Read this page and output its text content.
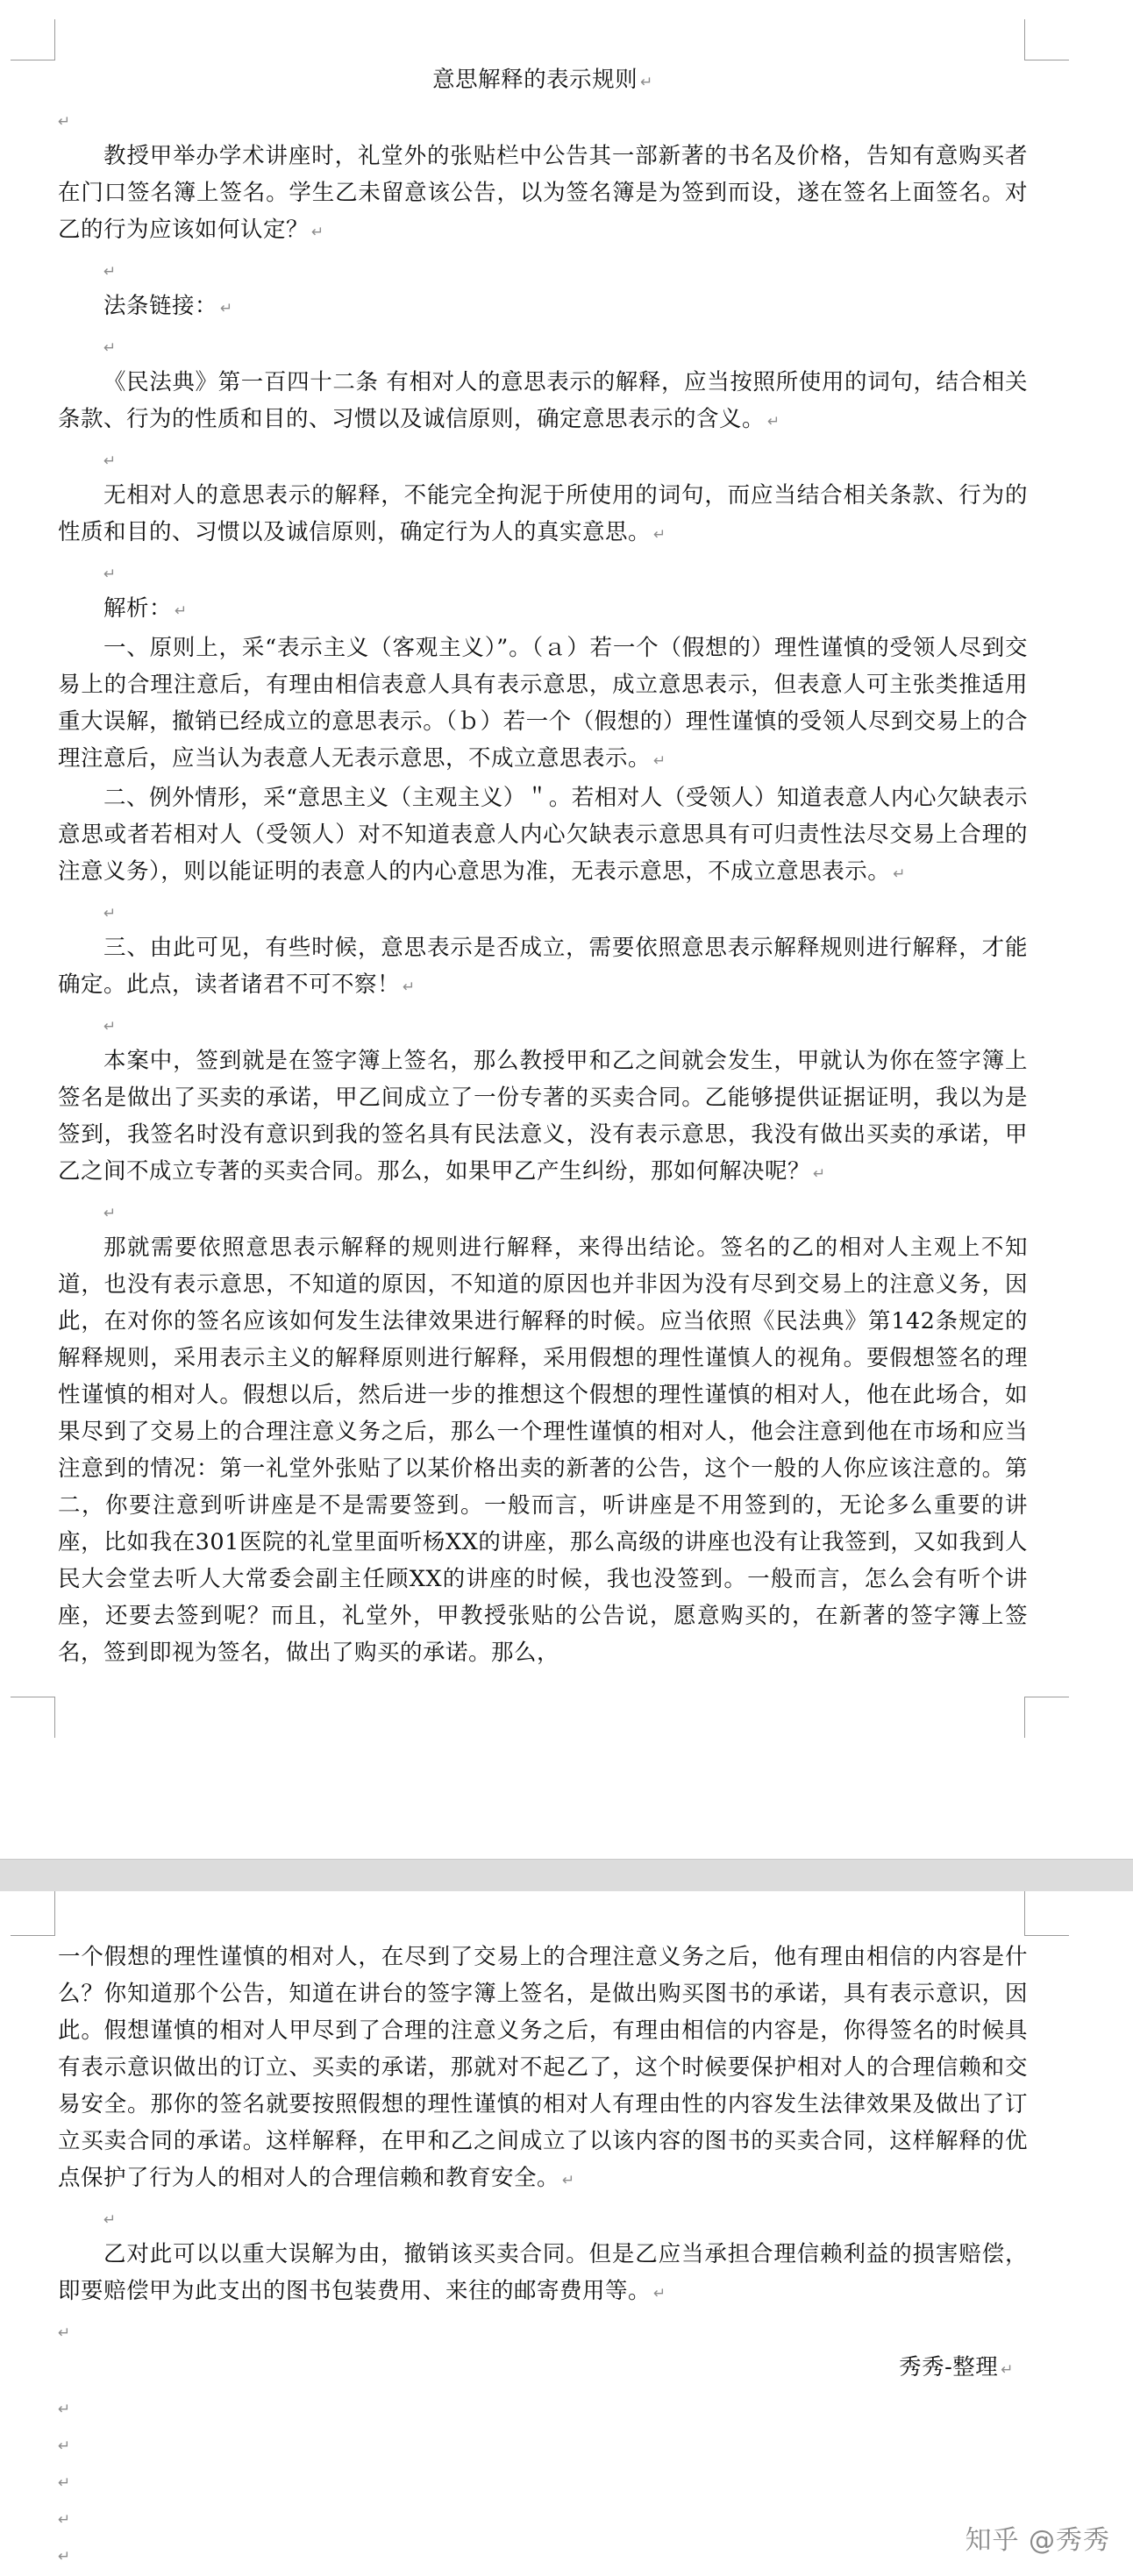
意思解释的表示规则 ↵

↵

教授甲举办学术讲座时，礼堂外的张贴栏中公告其一部新著的书名及价格，告知有意购买者在门口签名簿上签名。学生乙未留意该公告，以为签名簿是为签到而设，遂在签名上面签名。对乙的行为应该如何认定？ ↵

↵

法条链接： ↵

↵

《民法典》第一百四十二条 有相对人的意思表示的解释，应当按照所使用的词句，结合相关条款、行为的性质和目的、习惯以及诚信原则，确定意思表示的含义。 ↵

↵

无相对人的意思表示的解释，不能完全拘泥于所使用的词句，而应当结合相关条款、行为的性质和目的、习惯以及诚信原则，确定行为人的真实意思。 ↵

↵

解析： ↵

一、原则上，采“表示主义（客观主义）”。（ａ）若一个（假想的）理性谨慎的受领人尽到交易上的合理注意后，有理由相信表意人具有表示意思，成立意思表示，但表意人可主张类推适用重大误解，撤销已经成立的意思表示。（ｂ）若一个（假想的）理性谨慎的受领人尽到交易上的合理注意后，应当认为表意人无表示意思，不成立意思表示。 ↵

二、例外情形，采“意思主义（主观主义）＂。若相对人（受领人）知道表意人内心欠缺表示意思或者若相对人（受领人）对不知道表意人内心欠缺表示意思具有可归责性法尽交易上合理的注意义务），则以能证明的表意人的内心意思为准，无表示意思，不成立意思表示。 ↵

↵

三、由此可见，有些时候，意思表示是否成立，需要依照意思表示解释规则进行解释，才能确定。此点，读者诸君不可不察！ ↵

↵

本案中，签到就是在签字簿上签名，那么教授甲和乙之间就会发生，甲就认为你在签字簿上签名是做出了买卖的承诺，甲乙间成立了一份专著的买卖合同。乙能够提供证据证明，我以为是签到，我签名时没有意识到我的签名具有民法意义，没有表示意思，我没有做出买卖的承诺，甲乙之间不成立专著的买卖合同。那么，如果甲乙产生纠纷，那如何解决呢？ ↵

↵

那就需要依照意思表示解释的规则进行解释，来得出结论。签名的乙的相对人主观上不知道，也没有表示意思，不知道的原因，不知道的原因也并非因为没有尽到交易上的注意义务，因此，在对你的签名应该如何发生法律效果进行解释的时候。应当依照《民法典》第142条规定的解释规则，采用表示主义的解释原则进行解释，采用假想的理性谨慎人的视角。要假想签名的理性谨慎的相对人。假想以后，然后进一步的推想这个假想的理性谨慎的相对人，他在此场合，如果尽到了交易上的合理注意义务之后，那么一个理性谨慎的相对人，他会注意到他在市场和应当注意到的情况：第一礼堂外张贴了以某价格出卖的新著的公告，这个一般的人你应该注意的。第二，你要注意到听讲座是不是需要签到。一般而言，听讲座是不用签到的，无论多么重要的讲座，比如我在301医院的礼堂里面听杨XX的讲座，那么高级的讲座也没有让我签到，又如我到人民大会堂去听人大常委会副主任顾XX的讲座的时候，我也没签到。一般而言，怎么会有听个讲座，还要去签到呢？而且，礼堂外，甲教授张贴的公告说，愿意购买的，在新著的签字簿上签名，签到即视为签名，做出了购买的承诺。那么，

一个假想的理性谨慎的相对人，在尽到了交易上的合理注意义务之后，他有理由相信的内容是什么？你知道那个公告，知道在讲台的签字簿上签名，是做出购买图书的承诺，具有表示意识，因此。假想谨慎的相对人甲尽到了合理的注意义务之后，有理由相信的内容是，你得签名的时候具有表示意识做出的订立、买卖的承诺，那就对不起乙了，这个时候要保护相对人的合理信赖和交易安全。那你的签名就要按照假想的理性谨慎的相对人有理由性的内容发生法律效果及做出了订立买卖合同的承诺。这样解释，在甲和乙之间成立了以该内容的图书的买卖合同，这样解释的优点保护了行为人的相对人的合理信赖和教育安全。 ↵

↵

乙对此可以以重大误解为由，撤销该买卖合同。但是乙应当承担合理信赖利益的损害赔偿，即要赔偿甲为此支出的图书包装费用、来往的邮寄费用等。 ↵

↵

秀秀-整理 ↵

↵

↵

↵

↵

↵

知乎 @秀秀
